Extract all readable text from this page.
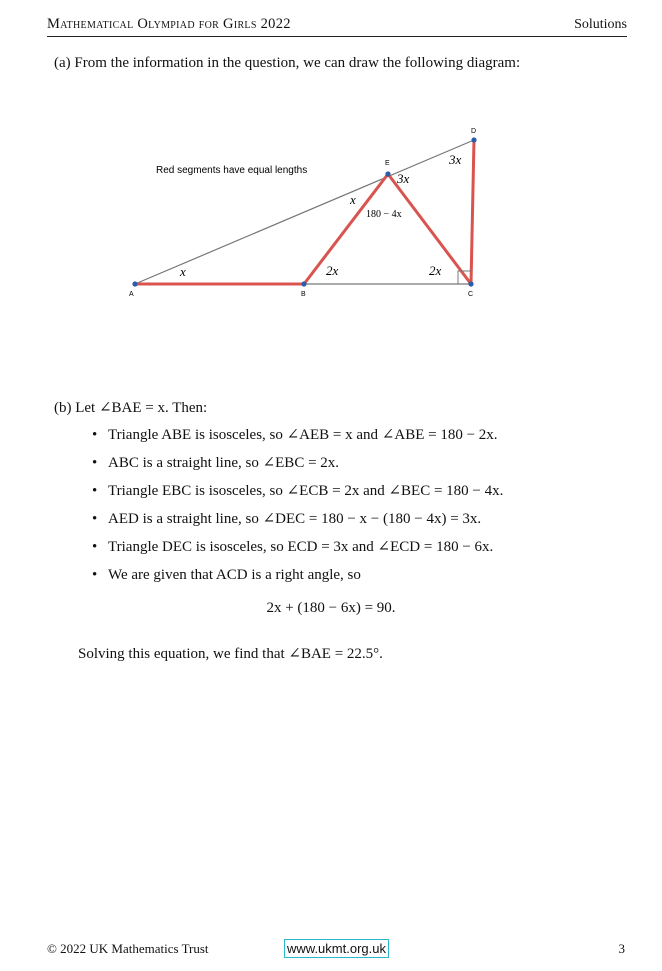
Mathematical Olympiad for Girls 2022	Solutions
(a) From the information in the question, we can draw the following diagram:
A	B	C
D
E
Red segments have equal lengths
x
x
180 − 4x
3x
2x	2x
3x
(b) Let ∠BAE = x. Then:
• Triangle ABE is isosceles, so ∠AEB = x and ∠ABE = 180 − 2x.
• ABC is a straight line, so ∠EBC = 2x.
• Triangle EBC is isosceles, so ∠ECB = 2x and ∠BEC = 180 − 4x.
• AED is a straight line, so ∠DEC = 180 − x − (180 − 4x) = 3x.
• Triangle DEC is isosceles, so ECD = 3x and ∠ECD = 180 − 6x.
• We are given that ACD is a right angle, so
2x + (180 − 6x) = 90.
Solving this equation, we find that ∠BAE = 22.5°.
© 2022 UK Mathematics Trust	www.ukmt.org.uk	3
